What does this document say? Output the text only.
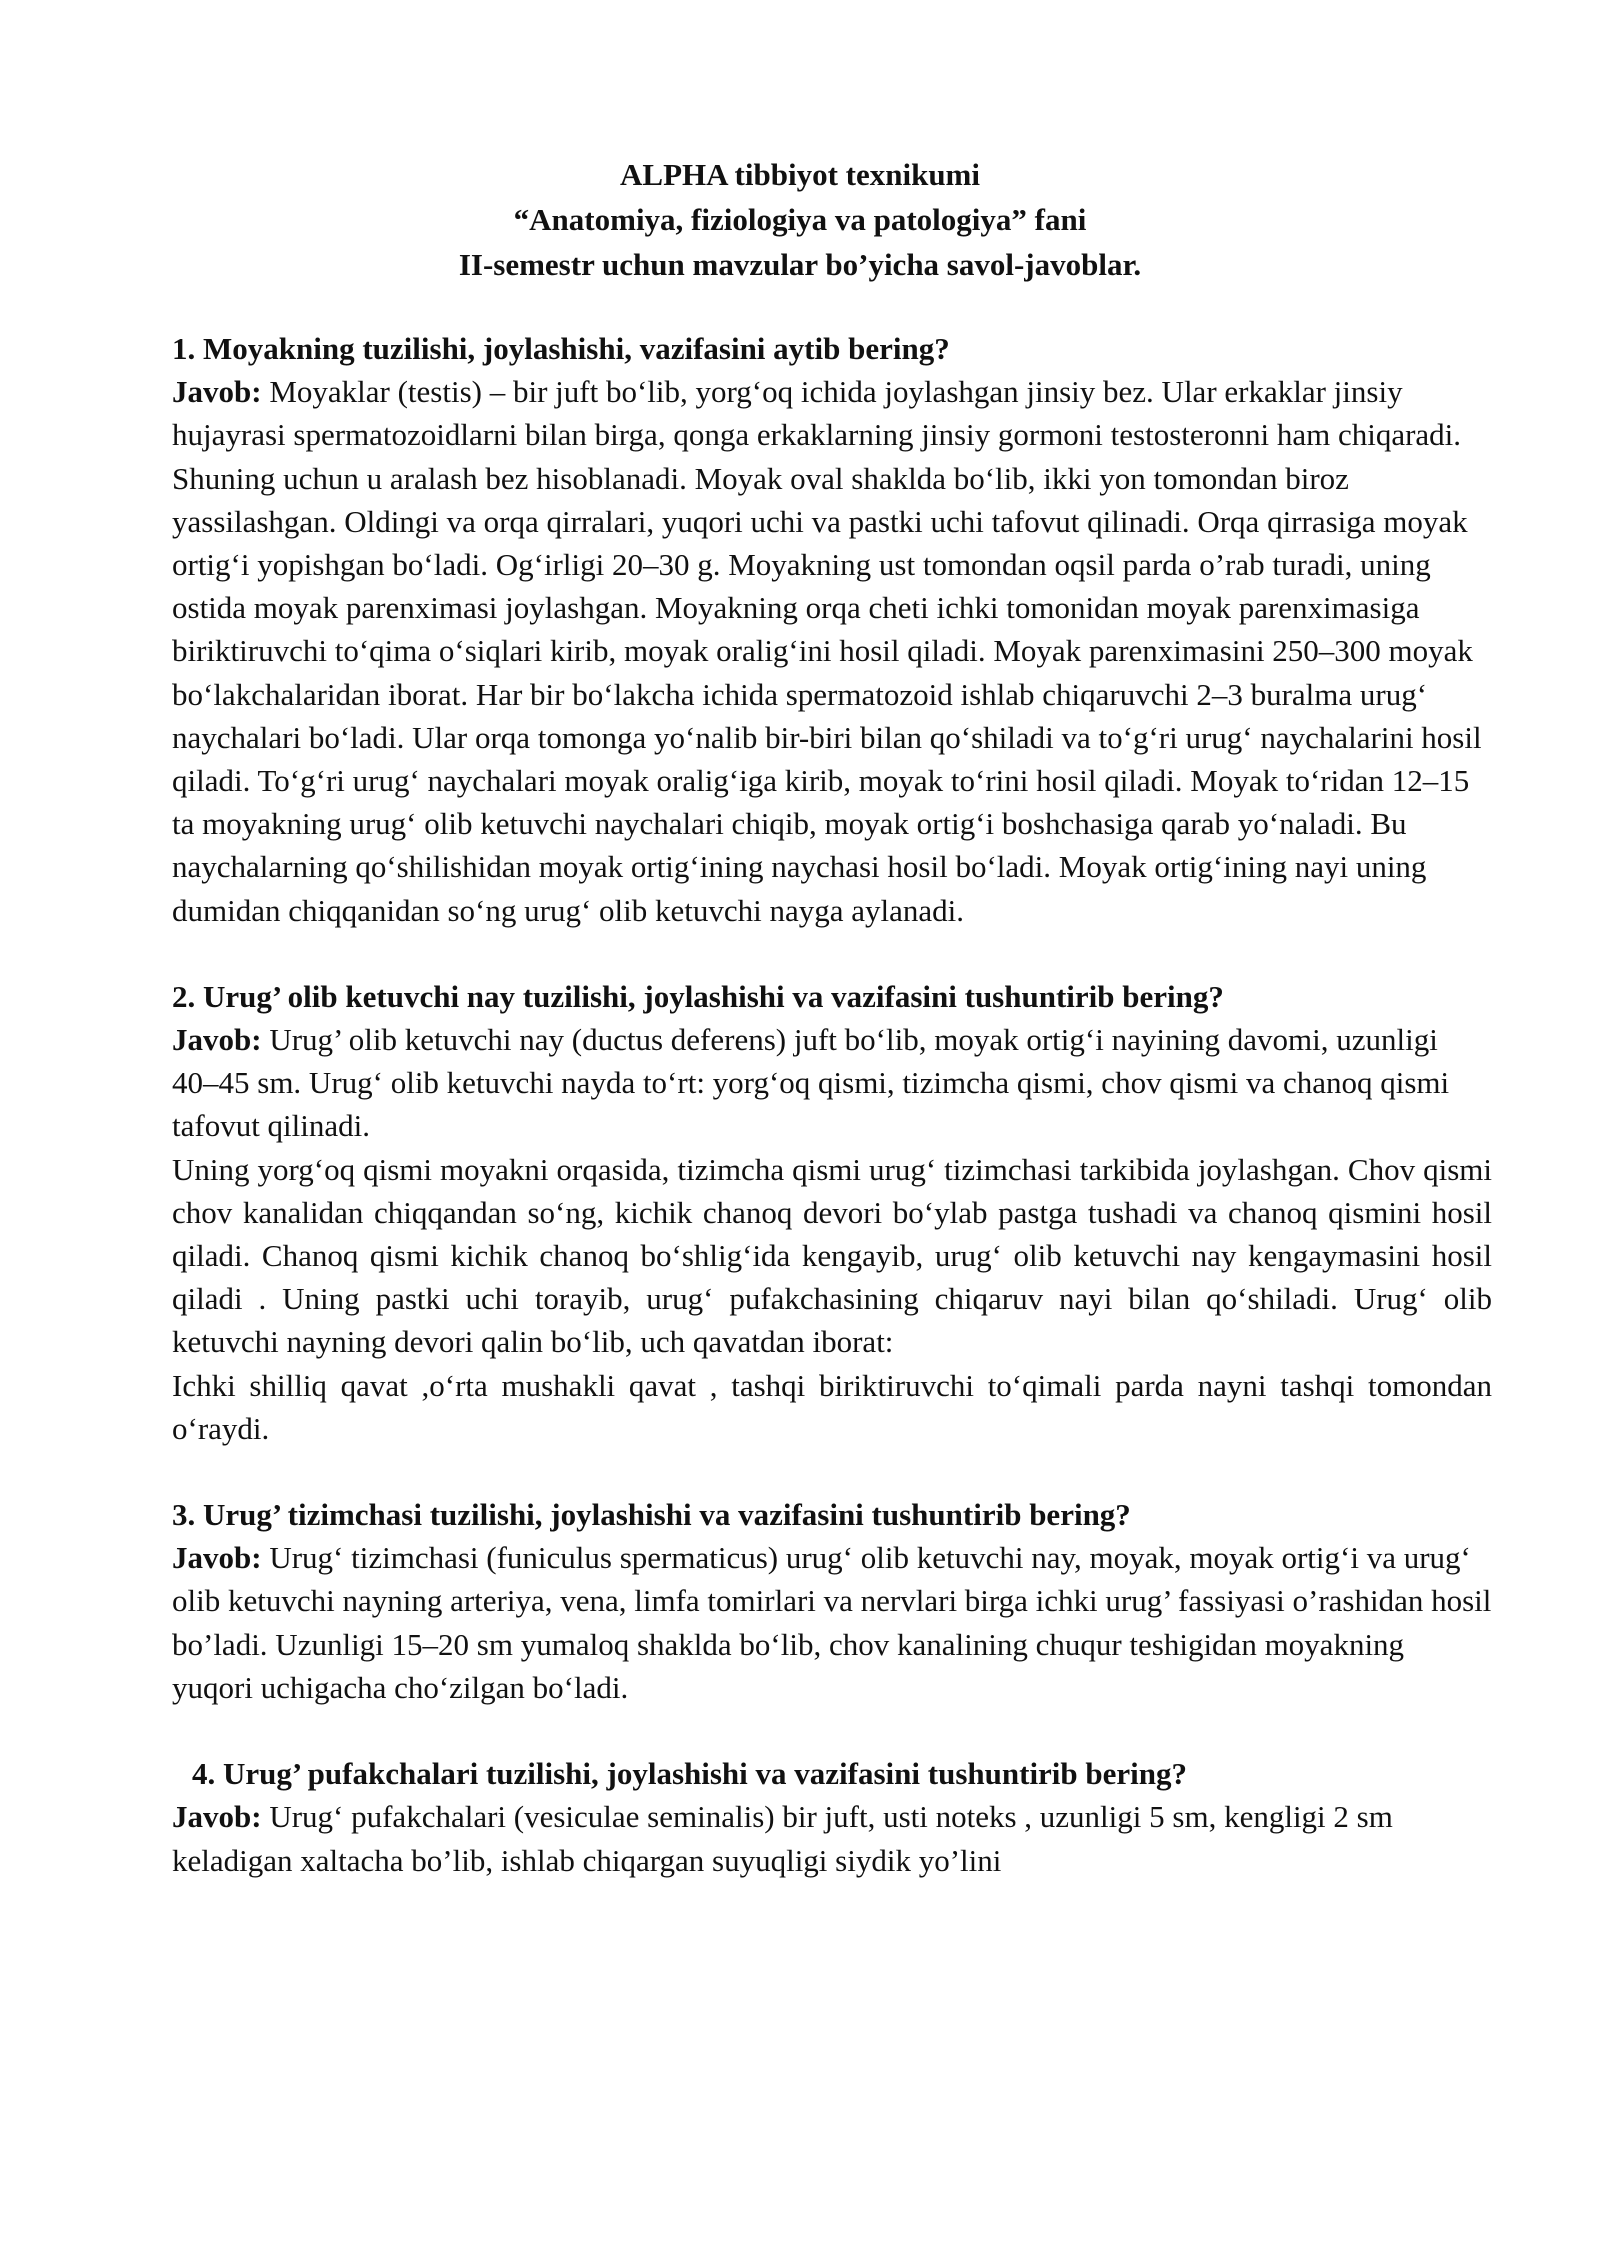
ALPHA tibbiyot texnikumi
“Anatomiya, fiziologiya va patologiya” fani
II-semestr uchun mavzular bo’yicha savol-javoblar.

1. Moyakning tuzilishi, joylashishi, vazifasini aytib bering?

Javob: Moyaklar (testis) – bir juft bo‘lib, yorg‘oq ichida joylashgan jinsiy bez. Ular erkaklar jinsiy hujayrasi spermatozoidlarni bilan birga, qonga erkaklarning jinsiy gormoni testosteronni ham chiqaradi. Shuning uchun u aralash bez hisoblanadi. Moyak oval shaklda bo‘lib, ikki yon tomondan biroz yassilashgan. Oldingi va orqa qirralari, yuqori uchi va pastki uchi tafovut qilinadi. Orqa qirrasiga moyak ortig‘i yopishgan bo‘ladi. Og‘irligi 20–30 g. Moyakning ust tomondan oqsil parda o’rab turadi, uning ostida moyak parenximasi joylashgan. Moyakning orqa cheti ichki tomonidan moyak parenximasiga biriktiruvchi to‘qima o‘siqlari kirib, moyak oralig‘ini hosil qiladi. Moyak parenximasini 250–300 moyak bo‘lakchalaridan iborat. Har bir bo‘lakcha ichida spermatozoid ishlab chiqaruvchi 2–3 buralma urug‘ naychalari bo‘ladi. Ular orqa tomonga yo‘nalib bir-biri bilan qo‘shiladi va to‘g‘ri urug‘ naychalarini hosil qiladi. To‘g‘ri urug‘ naychalari moyak oralig‘iga kirib, moyak to‘rini hosil qiladi. Moyak to‘ridan 12–15 ta moyakning urug‘ olib ketuvchi naychalari chiqib, moyak ortig‘i boshchasiga qarab yo‘naladi. Bu naychalarning qo‘shilishidan moyak ortig‘ining naychasi hosil bo‘ladi. Moyak ortig‘ining nayi uning dumidan chiqqanidan so‘ng urug‘ olib ketuvchi nayga aylanadi.

2. Urug’ olib ketuvchi nay tuzilishi, joylashishi va vazifasini tushuntirib bering?

Javob: Urug’ olib ketuvchi nay (ductus deferens) juft bo‘lib, moyak ortig‘i nayining davomi, uzunligi 40–45 sm. Urug‘ olib ketuvchi nayda to‘rt: yorg‘oq qismi, tizimcha qismi, chov qismi va chanoq qismi tafovut qilinadi.

Uning yorg‘oq qismi moyakni orqasida, tizimcha qismi urug‘ tizimchasi tarkibida joylashgan. Chov qismi chov kanalidan chiqqandan so‘ng, kichik chanoq devori bo‘ylab pastga tushadi va chanoq qismini hosil qiladi. Chanoq qismi kichik chanoq bo‘shlig‘ida kengayib, urug‘ olib ketuvchi nay kengaymasini hosil qiladi . Uning pastki uchi torayib, urug‘ pufakchasining chiqaruv nayi bilan qo‘shiladi. Urug‘ olib ketuvchi nayning devori qalin bo‘lib, uch qavatdan iborat:

Ichki shilliq qavat ,o‘rta mushakli qavat , tashqi biriktiruvchi to‘qimali parda nayni tashqi tomondan o‘raydi.

3. Urug’ tizimchasi tuzilishi, joylashishi va vazifasini tushuntirib bering?

Javob: Urug‘ tizimchasi (funiculus spermaticus) urug‘ olib ketuvchi nay, moyak, moyak ortig‘i va urug‘ olib ketuvchi nayning arteriya, vena, limfa tomirlari va nervlari birga ichki urug’ fassiyasi o’rashidan hosil bo’ladi. Uzunligi 15–20 sm yumaloq shaklda bo‘lib, chov kanalining chuqur teshigidan moyakning yuqori uchigacha cho‘zilgan bo‘ladi.

4. Urug’ pufakchalari tuzilishi, joylashishi va vazifasini tushuntirib bering?

Javob: Urug‘ pufakchalari (vesiculae seminalis) bir juft, usti noteks , uzunligi 5 sm, kengligi 2 sm keladigan xaltacha bo’lib, ishlab chiqargan suyuqligi siydik yo’lini
